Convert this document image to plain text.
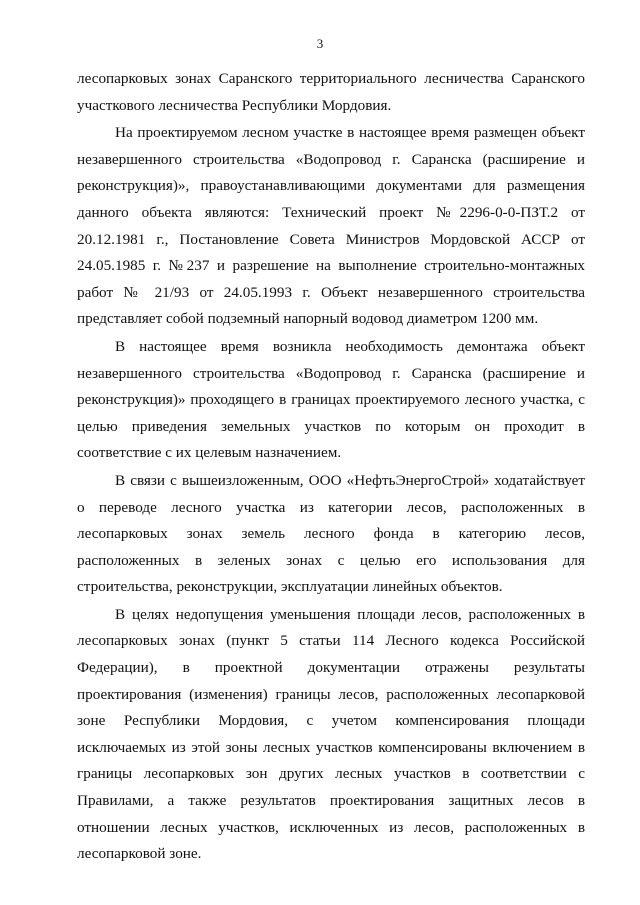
3

лесопарковых зонах Саранского территориального лесничества Саранского участкового лесничества Республики Мордовия.

На проектируемом лесном участке в настоящее время размещен объект незавершенного строительства «Водопровод г. Саранска (расширение и реконструкция)», правоустанавливающими документами для размещения данного объекта являются: Технический проект №2296-0-0-ПЗТ.2 от 20.12.1981 г., Постановление Совета Министров Мордовской АССР от 24.05.1985 г. №237 и разрешение на выполнение строительно-монтажных работ № 21/93 от 24.05.1993 г. Объект незавершенного строительства представляет собой подземный напорный водовод диаметром 1200 мм.

В настоящее время возникла необходимость демонтажа объект незавершенного строительства «Водопровод г. Саранска (расширение и реконструкция)» проходящего в границах проектируемого лесного участка, с целью приведения земельных участков по которым он проходит в соответствие с их целевым назначением.

В связи с вышеизложенным, ООО «НефтьЭнергоСтрой» ходатайствует о переводе лесного участка из категории лесов, расположенных в лесопарковых зонах земель лесного фонда в категорию лесов, расположенных в зеленых зонах с целью его использования для строительства, реконструкции, эксплуатации линейных объектов.

В целях недопущения уменьшения площади лесов, расположенных в лесопарковых зонах (пункт 5 статьи 114 Лесного кодекса Российской Федерации), в проектной документации отражены результаты проектирования (изменения) границы лесов, расположенных лесопарковой зоне Республики Мордовия, с учетом компенсирования площади исключаемых из этой зоны лесных участков компенсированы включением в границы лесопарковых зон других лесных участков в соответствии с Правилами, а также результатов проектирования защитных лесов в отношении лесных участков, исключенных из лесов, расположенных в лесопарковой зоне.
